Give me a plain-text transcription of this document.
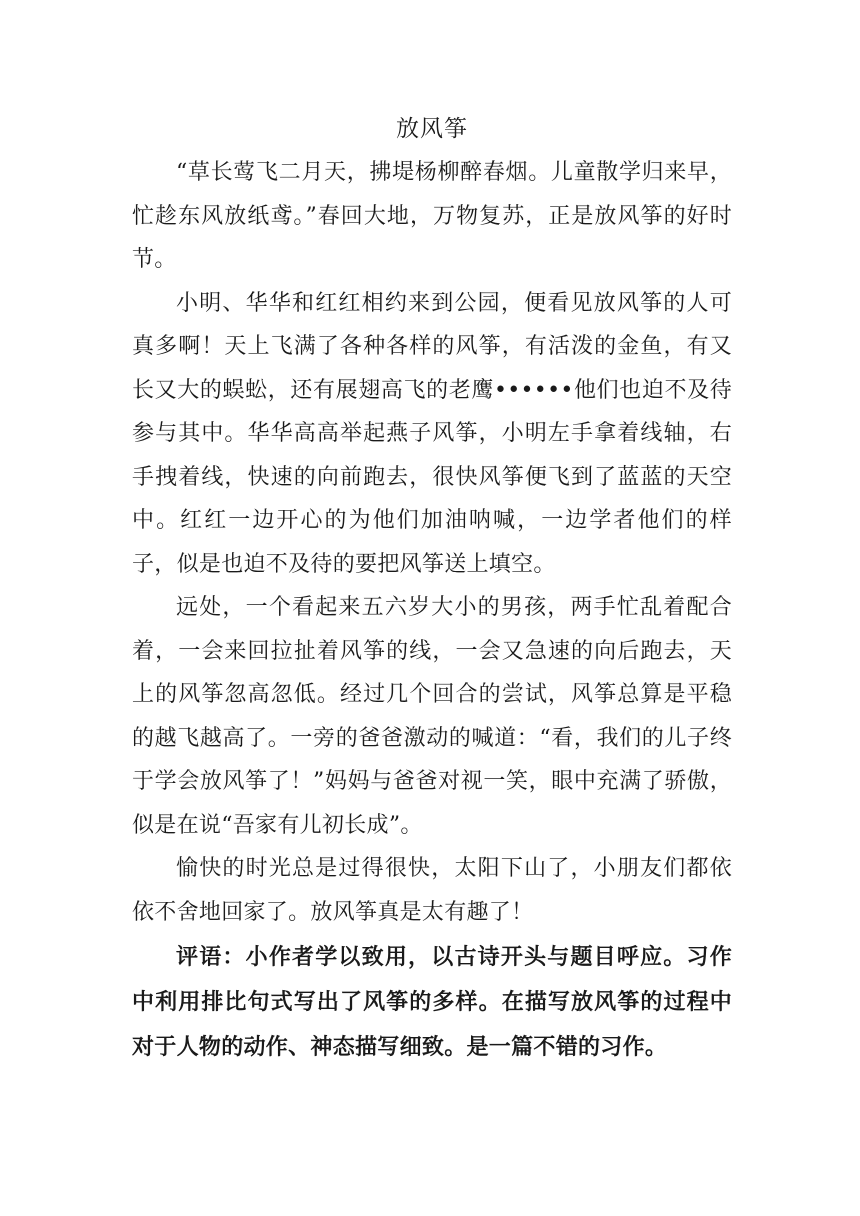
放风筝

“草长莺飞二月天，拂堤杨柳醉春烟。儿童散学归来早，忙趁东风放纸鸢。”春回大地，万物复苏，正是放风筝的好时节。

小明、华华和红红相约来到公园，便看见放风筝的人可真多啊！天上飞满了各种各样的风筝，有活泼的金鱼，有又长又大的蜈蚣，还有展翅高飞的老鹰••••••他们也迫不及待参与其中。华华高高举起燕子风筝，小明左手拿着线轴，右手拽着线，快速的向前跑去，很快风筝便飞到了蓝蓝的天空中。红红一边开心的为他们加油呐喊，一边学者他们的样子，似是也迫不及待的要把风筝送上填空。

远处，一个看起来五六岁大小的男孩，两手忙乱着配合着，一会来回拉扯着风筝的线，一会又急速的向后跑去，天上的风筝忽高忽低。经过几个回合的尝试，风筝总算是平稳的越飞越高了。一旁的爸爸激动的喊道：“看，我们的儿子终于学会放风筝了！”妈妈与爸爸对视一笑，眼中充满了骄傲，似是在说“吾家有儿初长成”。

愉快的时光总是过得很快，太阳下山了，小朋友们都依依不舍地回家了。放风筝真是太有趣了！

评语：小作者学以致用，以古诗开头与题目呼应。习作中利用排比句式写出了风筝的多样。在描写放风筝的过程中对于人物的动作、神态描写细致。是一篇不错的习作。
